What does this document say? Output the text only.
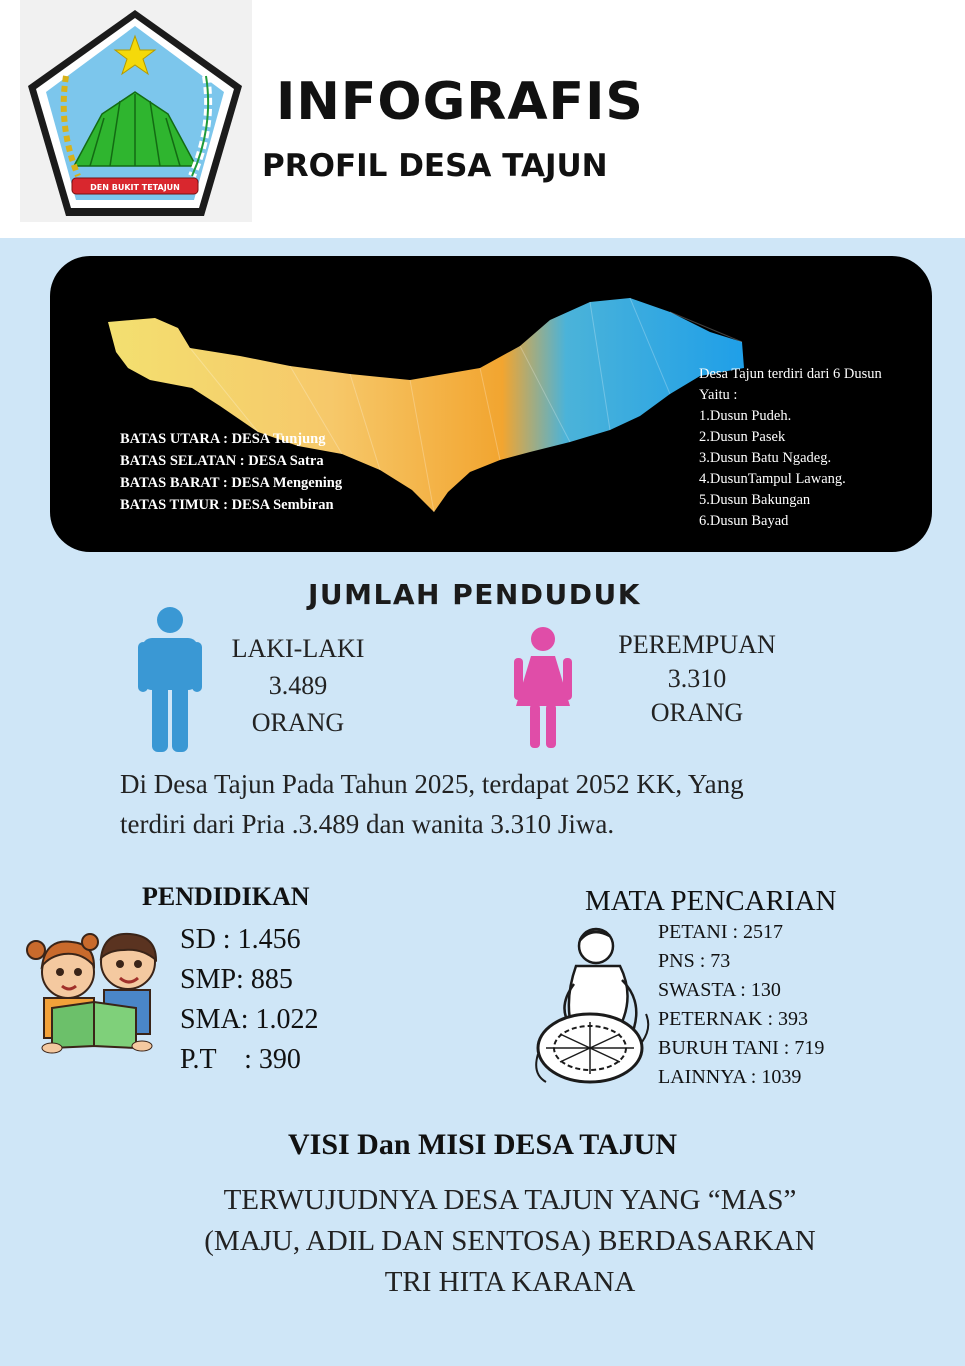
DEN BUKIT TETAJUN
INFOGRAFIS
PROFIL DESA TAJUN
BATAS UTARA : DESA Tunjung
BATAS SELATAN : DESA Satra
BATAS BARAT : DESA Mengening
BATAS TIMUR : DESA Sembiran
Desa Tajun terdiri dari 6 Dusun
Yaitu :
1.Dusun Pudeh.
2.Dusun Pasek
3.Dusun Batu Ngadeg.
4.DusunTampul Lawang.
5.Dusun Bakungan
6.Dusun Bayad
JUMLAH PENDUDUK
LAKI-LAKI
3.489
ORANG
PEREMPUAN
3.310
ORANG
Di Desa Tajun Pada Tahun 2025, terdapat 2052 KK, Yang
terdiri dari Pria .3.489 dan wanita 3.310 Jiwa.
PENDIDIKAN
SD : 1.456
SMP: 885
SMA: 1.022
P.T    : 390
MATA PENCARIAN
PETANI : 2517
PNS : 73
SWASTA : 130
PETERNAK : 393
BURUH TANI : 719
LAINNYA : 1039
VISI Dan MISI DESA TAJUN
TERWUJUDNYA DESA TAJUN YANG “MAS”
(MAJU, ADIL DAN SENTOSA) BERDASARKAN
TRI HITA KARANA
